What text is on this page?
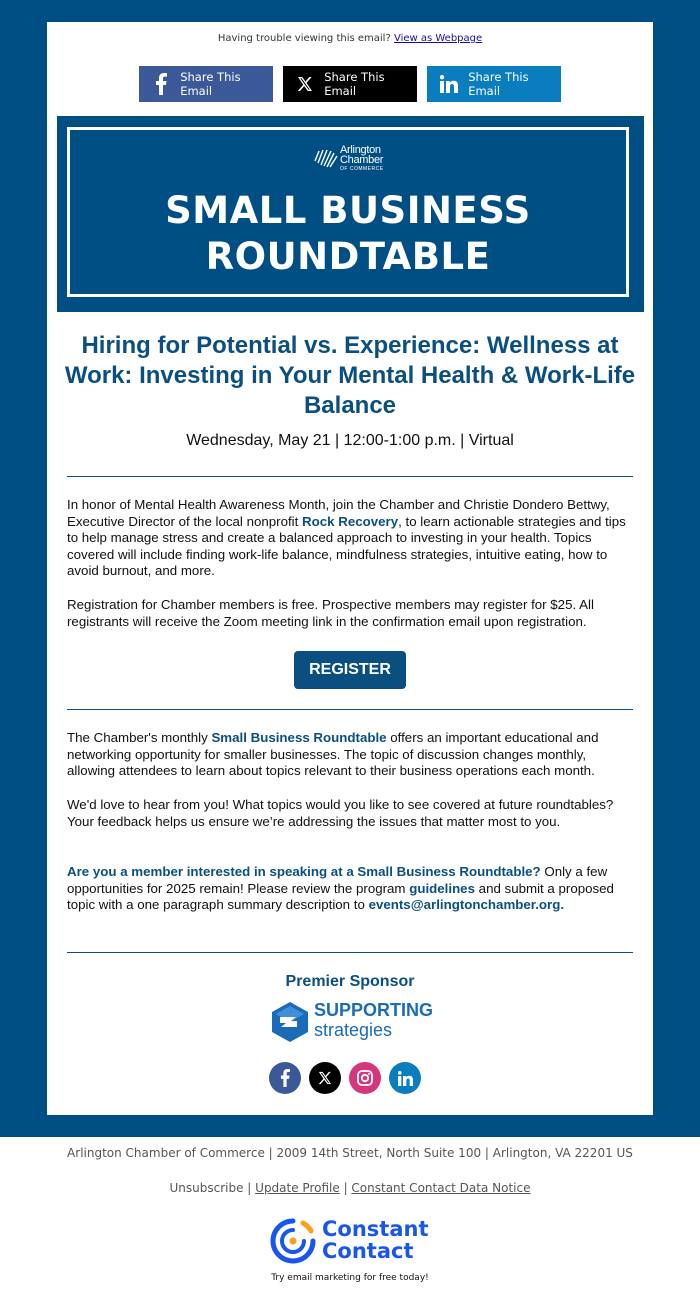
Having trouble viewing this email? View as Webpage
Share This Email
Share This Email
Share This Email
Arlington
Chamber
OF COMMERCE
SMALL BUSINESS
ROUNDTABLE
Hiring for Potential vs. Experience: Wellness at Work: Investing in Your Mental Health & Work-Life Balance
Wednesday, May 21 | 12:00-1:00 p.m. | Virtual
In honor of Mental Health Awareness Month, join the Chamber and Christie Dondero Bettwy, Executive Director of the local nonprofit Rock Recovery, to learn actionable strategies and tips to help manage stress and create a balanced approach to investing in your health. Topics covered will include finding work-life balance, mindfulness strategies, intuitive eating, how to avoid burnout, and more.
Registration for Chamber members is free. Prospective members may register for $25. All registrants will receive the Zoom meeting link in the confirmation email upon registration.
REGISTER
The Chamber's monthly Small Business Roundtable offers an important educational and networking opportunity for smaller businesses. The topic of discussion changes monthly, allowing attendees to learn about topics relevant to their business operations each month.
We'd love to hear from you! What topics would you like to see covered at future roundtables? Your feedback helps us ensure we’re addressing the issues that matter most to you.
Are you a member interested in speaking at a Small Business Roundtable? Only a few opportunities for 2025 remain! Please review the program guidelines and submit a proposed topic with a one paragraph summary description to events@arlingtonchamber.org.
Premier Sponsor
SUPPORTING
strategies
Arlington Chamber of Commerce | 2009 14th Street, North Suite 100 | Arlington, VA 22201 US
Unsubscribe | Update Profile | Constant Contact Data Notice
Constant
Contact
Try email marketing for free today!
